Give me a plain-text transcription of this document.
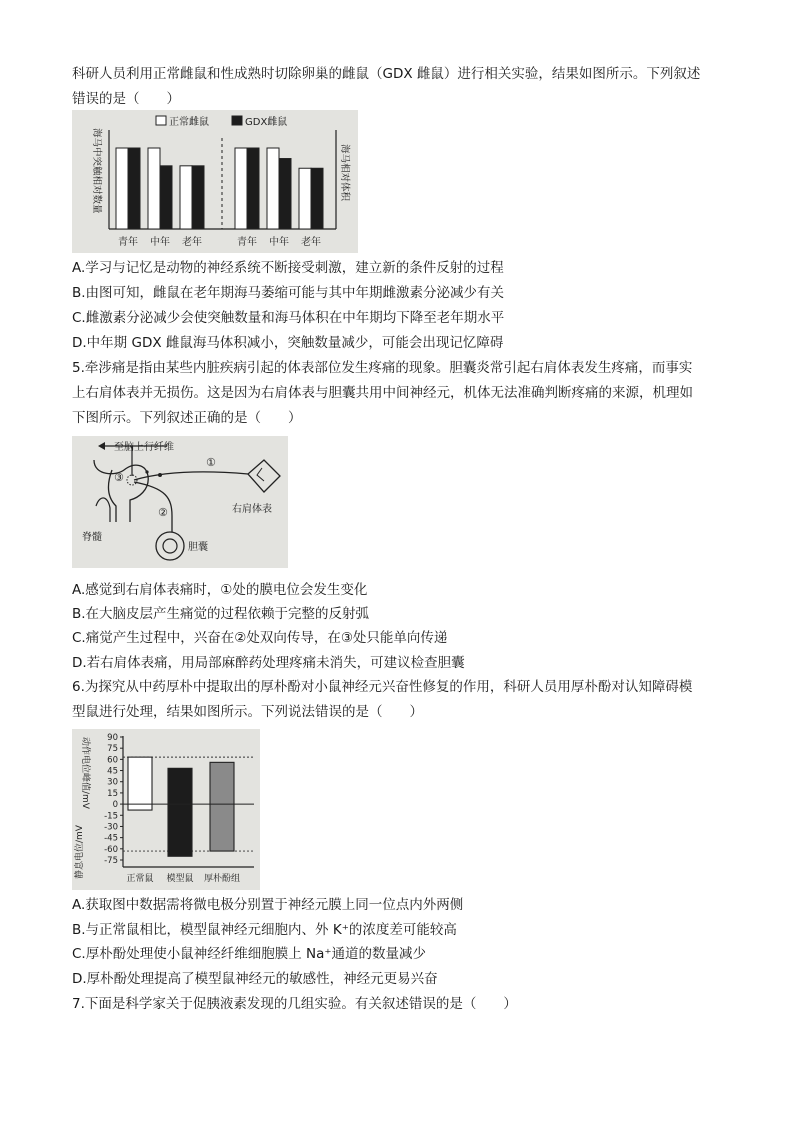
科研人员利用正常雌鼠和性成熟时切除卵巢的雌鼠（GDX 雌鼠）进行相关实验，结果如图所示。下列叙述
错误的是（　　）
正常雌鼠	GDX雌鼠
海马中突触相对数量	海马相对体积
青年 中年 老年	青年 中年 老年
A.学习与记忆是动物的神经系统不断接受刺激，建立新的条件反射的过程
B.由图可知，雌鼠在老年期海马萎缩可能与其中年期雌激素分泌减少有关
C.雌激素分泌减少会使突触数量和海马体积在中年期均下降至老年期水平
D.中年期 GDX 雌鼠海马体积减小，突触数量减少，可能会出现记忆障碍
5.牵涉痛是指由某些内脏疾病引起的体表部位发生疼痛的现象。胆囊炎常引起右肩体表发生疼痛，而事实
上右肩体表并无损伤。这是因为右肩体表与胆囊共用中间神经元，机体无法准确判断疼痛的来源，机理如
下图所示。下列叙述正确的是（　　）
至脑上行纤维
脊髓
③
①
右肩体表
②
胆囊
A.感觉到右肩体表痛时，①处的膜电位会发生变化
B.在大脑皮层产生痛觉的过程依赖于完整的反射弧
C.痛觉产生过程中，兴奋在②处双向传导，在③处只能单向传递
D.若右肩体表痛，用局部麻醉药处理疼痛未消失，可建议检查胆囊
6.为探究从中药厚朴中提取出的厚朴酚对小鼠神经元兴奋性修复的作用，科研人员用厚朴酚对认知障碍模
型鼠进行处理，结果如图所示。下列说法错误的是（　　）
静息电位/mV
动作电位峰值/mV 90
75
60
45
30
15
0
-15
-30
-45
-60
-75
正常鼠 模型鼠 厚朴酚组
A.获取图中数据需将微电极分别置于神经元膜上同一位点内外两侧
B.与正常鼠相比，模型鼠神经元细胞内、外 K⁺的浓度差可能较高
C.厚朴酚处理使小鼠神经纤维细胞膜上 Na⁺通道的数量减少
D.厚朴酚处理提高了模型鼠神经元的敏感性，神经元更易兴奋
7.下面是科学家关于促胰液素发现的几组实验。有关叙述错误的是（　　）
